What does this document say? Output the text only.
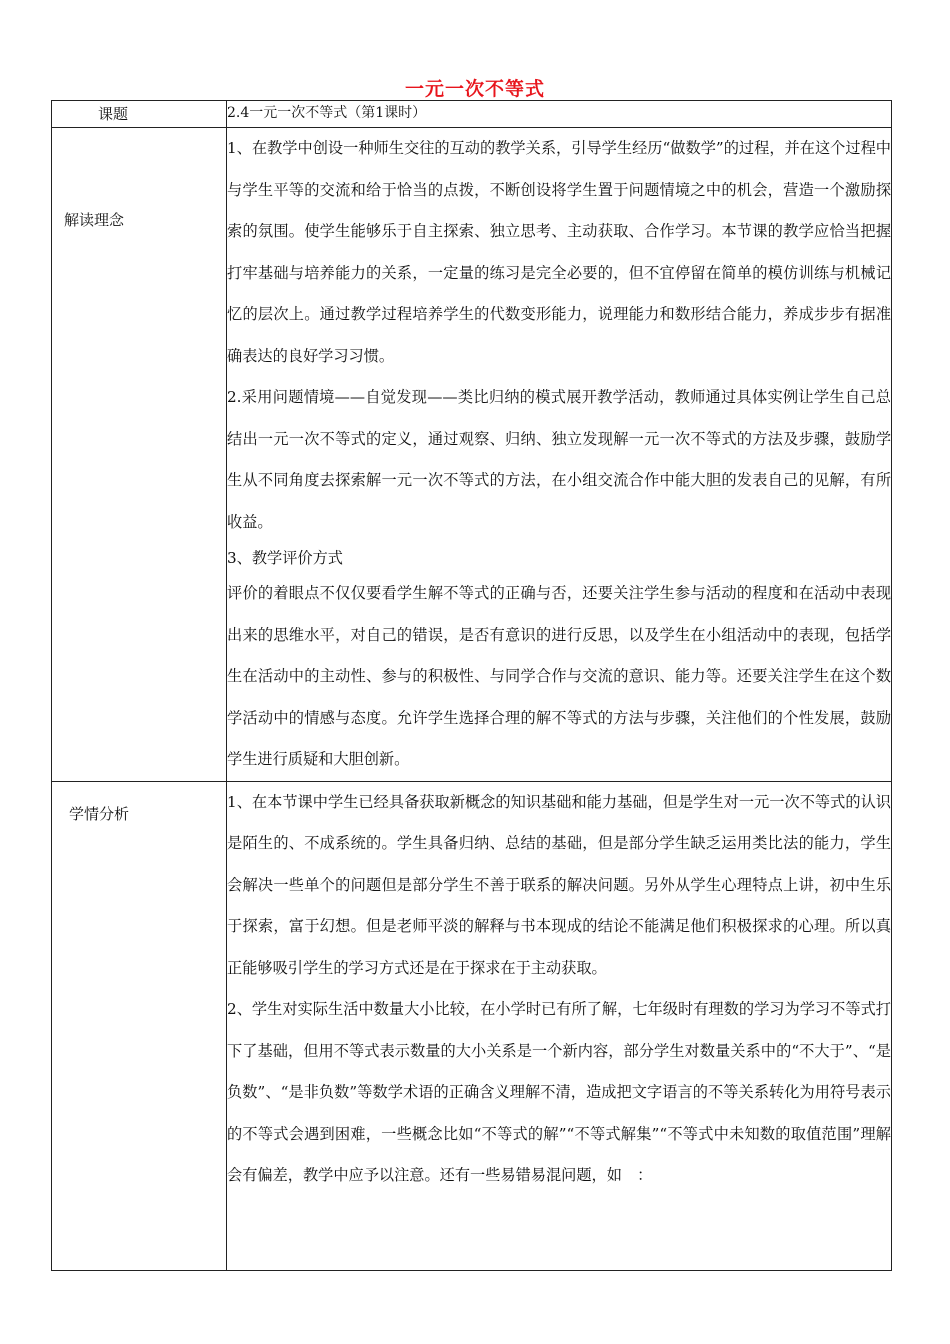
一元一次不等式
课题	2.4一元一次不等式（第1课时）

解读理念	1、在教学中创设一种师生交往的互动的教学关系，引导学生经历“做数学”的过程，并在这个过程中与学生平等的交流和给于恰当的点拨，不断创设将学生置于问题情境之中的机会，营造一个激励探索的氛围。使学生能够乐于自主探索、独立思考、主动获取、合作学习。本节课的教学应恰当把握打牢基础与培养能力的关系，一定量的练习是完全必要的，但不宜停留在简单的模仿训练与机械记忆的层次上。通过教学过程培养学生的代数变形能力，说理能力和数形结合能力，养成步步有据准确表达的良好学习习惯。

2.采用问题情境——自觉发现——类比归纳的模式展开教学活动，教师通过具体实例让学生自己总结出一元一次不等式的定义，通过观察、归纳、独立发现解一元一次不等式的方法及步骤，鼓励学生从不同角度去探索解一元一次不等式的方法，在小组交流合作中能大胆的发表自己的见解，有所收益。

3、教学评价方式

评价的着眼点不仅仅要看学生解不等式的正确与否，还要关注学生参与活动的程度和在活动中表现出来的思维水平，对自己的错误，是否有意识的进行反思，以及学生在小组活动中的表现，包括学生在活动中的主动性、参与的积极性、与同学合作与交流的意识、能力等。还要关注学生在这个数学活动中的情感与态度。允许学生选择合理的解不等式的方法与步骤，关注他们的个性发展，鼓励学生进行质疑和大胆创新。

学情分析	1、在本节课中学生已经具备获取新概念的知识基础和能力基础，但是学生对一元一次不等式的认识是陌生的、不成系统的。学生具备归纳、总结的基础，但是部分学生缺乏运用类比法的能力，学生会解决一些单个的问题但是部分学生不善于联系的解决问题。另外从学生心理特点上讲，初中生乐于探索，富于幻想。但是老师平淡的解释与书本现成的结论不能满足他们积极探求的心理。所以真正能够吸引学生的学习方式还是在于探求在于主动获取。

2、学生对实际生活中数量大小比较，在小学时已有所了解，七年级时有理数的学习为学习不等式打下了基础，但用不等式表示数量的大小关系是一个新内容，部分学生对数量关系中的“不大于”、“是负数”、“是非负数”等数学术语的正确含义理解不清，造成把文字语言的不等关系转化为用符号表示的不等式会遇到困难，一些概念比如“不等式的解”“不等式解集”“不等式中未知数的取值范围”理解会有偏差，教学中应予以注意。还有一些易错易混问题，如　：
